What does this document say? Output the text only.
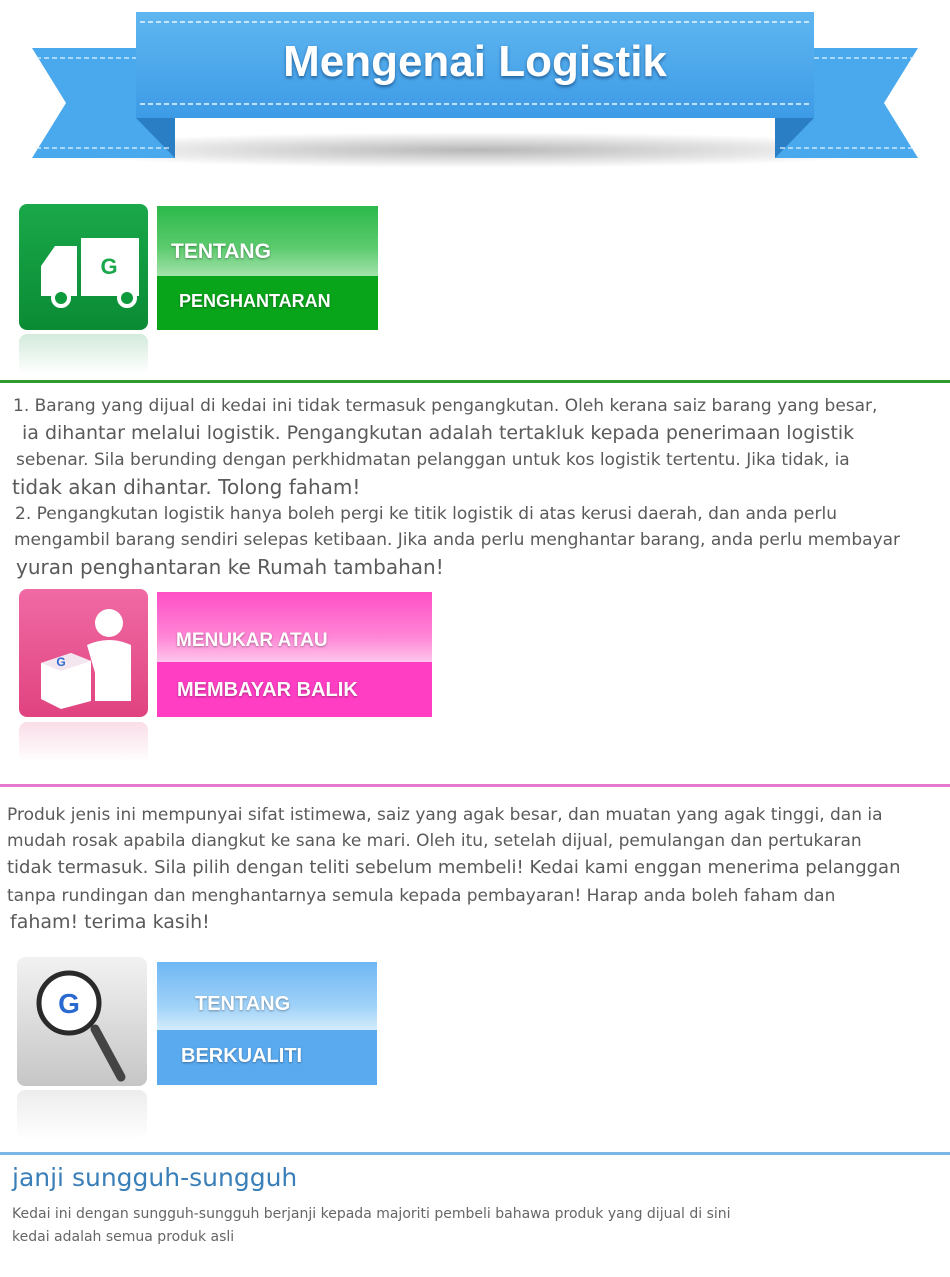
Mengenai Logistik
G
TENTANG
PENGHANTARAN
1. Barang yang dijual di kedai ini tidak termasuk pengangkutan. Oleh kerana saiz barang yang besar,
ia dihantar melalui logistik. Pengangkutan adalah tertakluk kepada penerimaan logistik
sebenar. Sila berunding dengan perkhidmatan pelanggan untuk kos logistik tertentu. Jika tidak, ia
tidak akan dihantar. Tolong faham!
2. Pengangkutan logistik hanya boleh pergi ke titik logistik di atas kerusi daerah, dan anda perlu
mengambil barang sendiri selepas ketibaan. Jika anda perlu menghantar barang, anda perlu membayar
yuran penghantaran ke Rumah tambahan!
G
MENUKAR ATAU
MEMBAYAR BALIK
Produk jenis ini mempunyai sifat istimewa, saiz yang agak besar, dan muatan yang agak tinggi, dan ia
mudah rosak apabila diangkut ke sana ke mari. Oleh itu, setelah dijual, pemulangan dan pertukaran
tidak termasuk. Sila pilih dengan teliti sebelum membeli! Kedai kami enggan menerima pelanggan
tanpa rundingan dan menghantarnya semula kepada pembayaran! Harap anda boleh faham dan
faham! terima kasih!
G	TENTANG
BERKUALITI
janji sungguh-sungguh
Kedai ini dengan sungguh-sungguh berjanji kepada majoriti pembeli bahawa produk yang dijual di sini
kedai adalah semua produk asli
